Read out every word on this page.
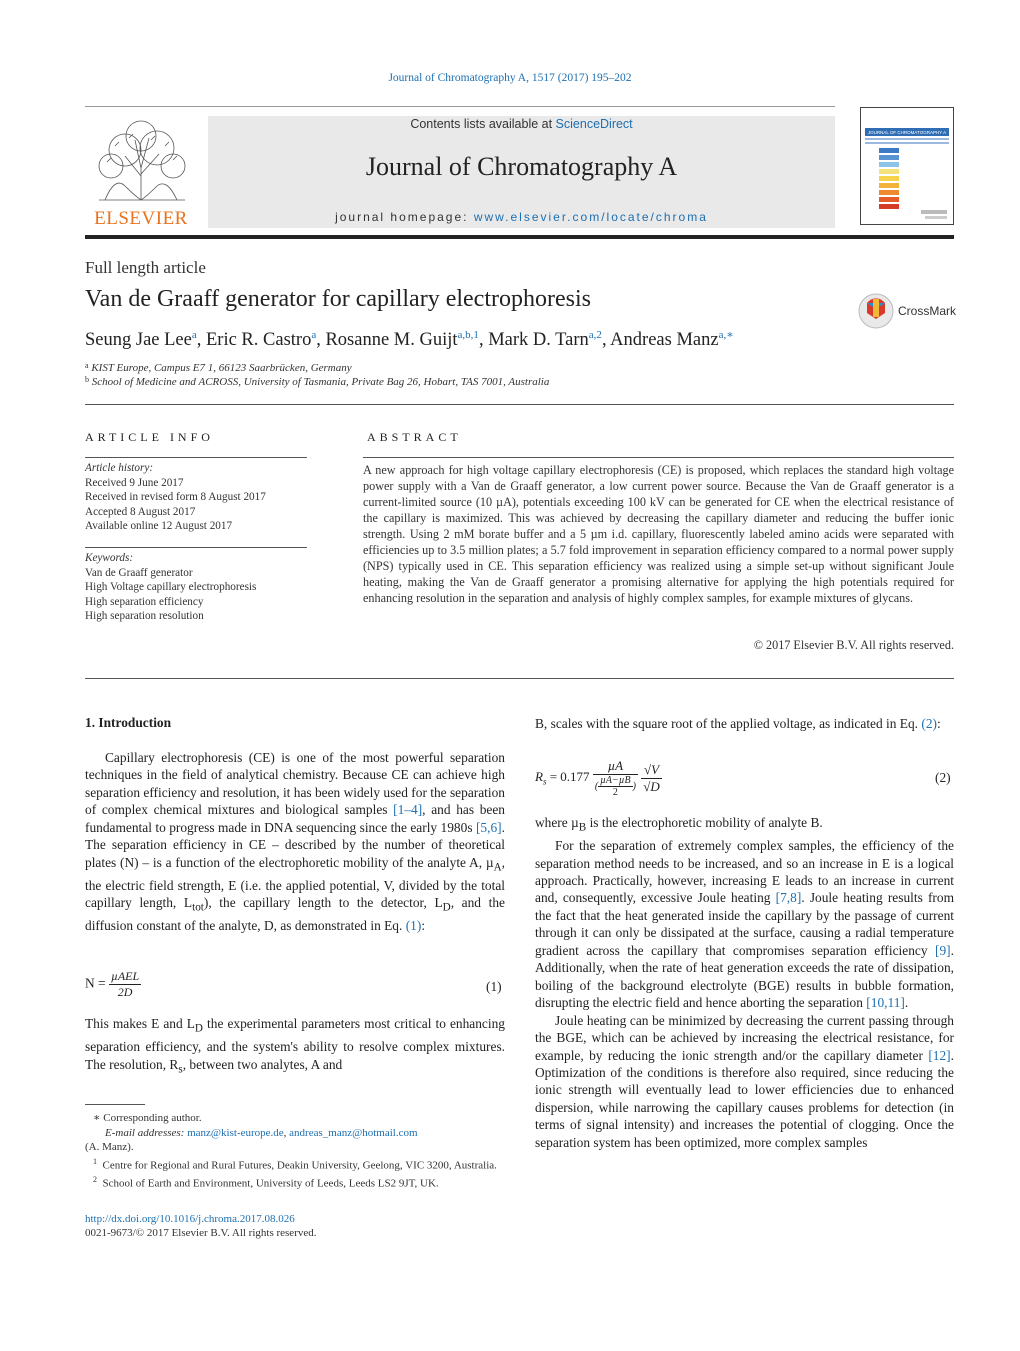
Journal of Chromatography A, 1517 (2017) 195–202
ELSEVIER
Contents lists available at ScienceDirect
Journal of Chromatography A
journal homepage: www.elsevier.com/locate/chroma
JOURNAL OF CHROMATOGRAPHY A
Full length article
Van de Graaff generator for capillary electrophoresis	CrossMark
Seung Jae Lee$^a$, Eric R. Castro$^a$, Rosanne M. Guijt$^{a,b,1}$, Mark D. Tarn$^{a,2}$, Andreas Manz$^{a,∗}$
$^a$ KIST Europe, Campus E7 1, 66123 Saarbrücken, Germany
$^b$ School of Medicine and ACROSS, University of Tasmania, Private Bag 26, Hobart, TAS 7001, Australia
ARTICLE INFO
Article history:
Received 9 June 2017
Received in revised form 8 August 2017
Accepted 8 August 2017
Available online 12 August 2017
Keywords:
Van de Graaff generator
High Voltage capillary electrophoresis
High separation efficiency
High separation resolution
ABSTRACT
A new approach for high voltage capillary electrophoresis (CE) is proposed, which replaces the standard high voltage power supply with a Van de Graaff generator, a low current power source. Because the Van de Graaff generator is a current-limited source (10 µA), potentials exceeding 100 kV can be generated for CE when the electrical resistance of the capillary is maximized. This was achieved by decreasing the capillary diameter and reducing the buffer ionic strength. Using 2 mM borate buffer and a 5 µm i.d. capillary, fluorescently labeled amino acids were separated with efficiencies up to 3.5 million plates; a 5.7 fold improvement in separation efficiency compared to a normal power supply (NPS) typically used in CE. This separation efficiency was realized using a simple set-up without significant Joule heating, making the Van de Graaff generator a promising alternative for applying the high potentials required for enhancing resolution in the separation and analysis of highly complex samples, for example mixtures of glycans.
© 2017 Elsevier B.V. All rights reserved.
1. Introduction

Capillary electrophoresis (CE) is one of the most powerful separation techniques in the field of analytical chemistry. Because CE can achieve high separation efficiency and resolution, it has been widely used for the separation of complex chemical mixtures and biological samples [1–4], and has been fundamental to progress made in DNA sequencing since the early 1980s [5,6]. The separation efficiency in CE – described by the number of theoretical plates (N) – is a function of the electrophoretic mobility of the analyte A, µ$_A$, the electric field strength, E (i.e. the applied potential, V, divided by the total capillary length, $L_{tot}$), the capillary length to the detector, $L_D$, and the diffusion constant of the analyte, D, as demonstrated in Eq. (1):

$N = \frac{\text{µAEL}}{2D}$	(1)

This makes E and $L_D$ the experimental parameters most critical to enhancing separation efficiency, and the system's ability to resolve complex mixtures. The resolution, $R_s$, between two analytes, A and

∗ Corresponding author.
E-mail addresses: manz@kist-europe.de, andreas_manz@hotmail.com
(A. Manz).
$^1$ Centre for Regional and Rural Futures, Deakin University, Geelong, VIC 3200, Australia.
$^2$ School of Earth and Environment, University of Leeds, Leeds LS2 9JT, UK.
http://dx.doi.org/10.1016/j.chroma.2017.08.026
0021-9673/© 2017 Elsevier B.V. All rights reserved.

B, scales with the square root of the applied voltage, as indicated in Eq. (2):

$R_s = 0.177 \frac{\text{µA}}{( \frac{\text{µA−µB}}{2} )}$
$\frac{√V}{√D}$	(2)

where µ$_B$ is the electrophoretic mobility of analyte B.

For the separation of extremely complex samples, the efficiency of the separation method needs to be increased, and so an increase in E is a logical approach. Practically, however, increasing E leads to an increase in current and, consequently, excessive Joule heating [7,8]. Joule heating results from the fact that the heat generated inside the capillary by the passage of current through it can only be dissipated at the surface, causing a radial temperature gradient across the capillary that compromises separation efficiency [9]. Additionally, when the rate of heat generation exceeds the rate of dissipation, boiling of the background electrolyte (BGE) results in bubble formation, disrupting the electric field and hence aborting the separation [10,11].

Joule heating can be minimized by decreasing the current passing through the BGE, which can be achieved by increasing the electrical resistance, for example, by reducing the ionic strength and/or the capillary diameter [12]. Optimization of the conditions is therefore also required, since reducing the ionic strength will eventually lead to lower efficiencies due to enhanced dispersion, while narrowing the capillary causes problems for detection (in terms of signal intensity) and increases the potential of clogging. Once the separation system has been optimized, more complex samples
